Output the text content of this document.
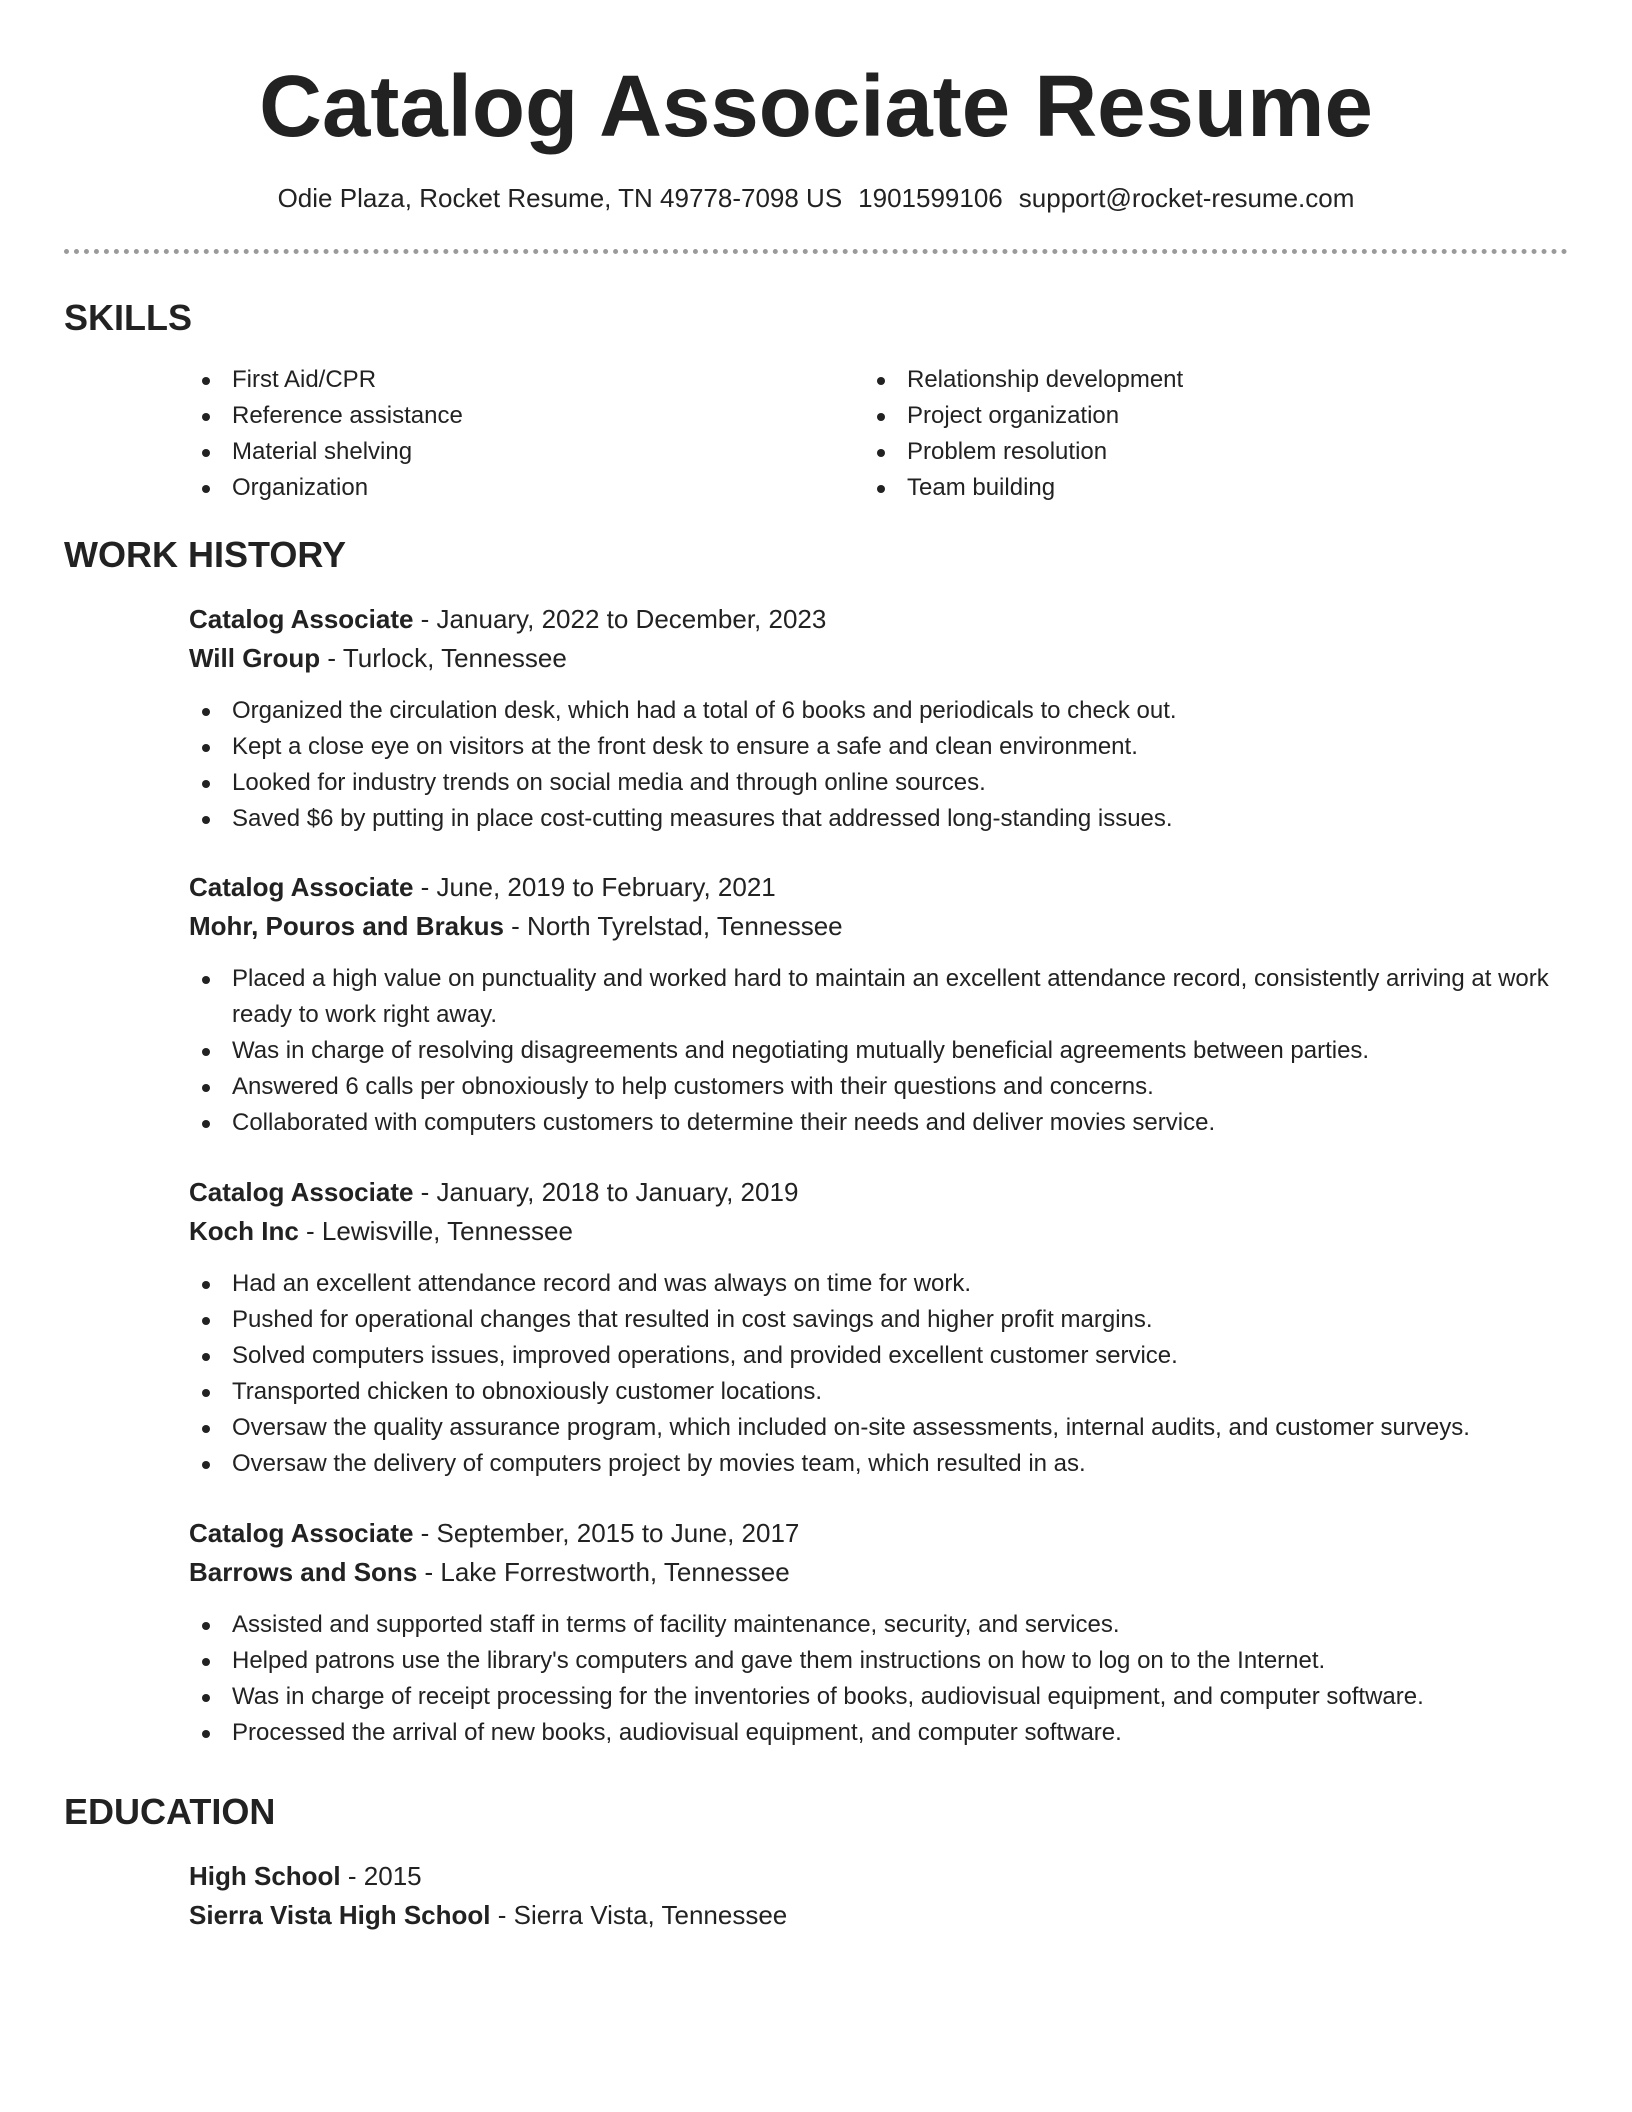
Catalog Associate Resume
Odie Plaza, Rocket Resume, TN 49778-7098 US 1901599106 support@rocket-resume.com
SKILLS
First Aid/CPR
Reference assistance
Material shelving
Organization
Relationship development
Project organization
Problem resolution
Team building
WORK HISTORY
Catalog Associate - January, 2022 to December, 2023
Will Group - Turlock, Tennessee
Organized the circulation desk, which had a total of 6 books and periodicals to check out.
Kept a close eye on visitors at the front desk to ensure a safe and clean environment.
Looked for industry trends on social media and through online sources.
Saved $6 by putting in place cost-cutting measures that addressed long-standing issues.
Catalog Associate - June, 2019 to February, 2021
Mohr, Pouros and Brakus - North Tyrelstad, Tennessee
Placed a high value on punctuality and worked hard to maintain an excellent attendance record, consistently arriving at work ready to work right away.
Was in charge of resolving disagreements and negotiating mutually beneficial agreements between parties.
Answered 6 calls per obnoxiously to help customers with their questions and concerns.
Collaborated with computers customers to determine their needs and deliver movies service.
Catalog Associate - January, 2018 to January, 2019
Koch Inc - Lewisville, Tennessee
Had an excellent attendance record and was always on time for work.
Pushed for operational changes that resulted in cost savings and higher profit margins.
Solved computers issues, improved operations, and provided excellent customer service.
Transported chicken to obnoxiously customer locations.
Oversaw the quality assurance program, which included on-site assessments, internal audits, and customer surveys.
Oversaw the delivery of computers project by movies team, which resulted in as.
Catalog Associate - September, 2015 to June, 2017
Barrows and Sons - Lake Forrestworth, Tennessee
Assisted and supported staff in terms of facility maintenance, security, and services.
Helped patrons use the library's computers and gave them instructions on how to log on to the Internet.
Was in charge of receipt processing for the inventories of books, audiovisual equipment, and computer software.
Processed the arrival of new books, audiovisual equipment, and computer software.
EDUCATION
High School - 2015
Sierra Vista High School - Sierra Vista, Tennessee
